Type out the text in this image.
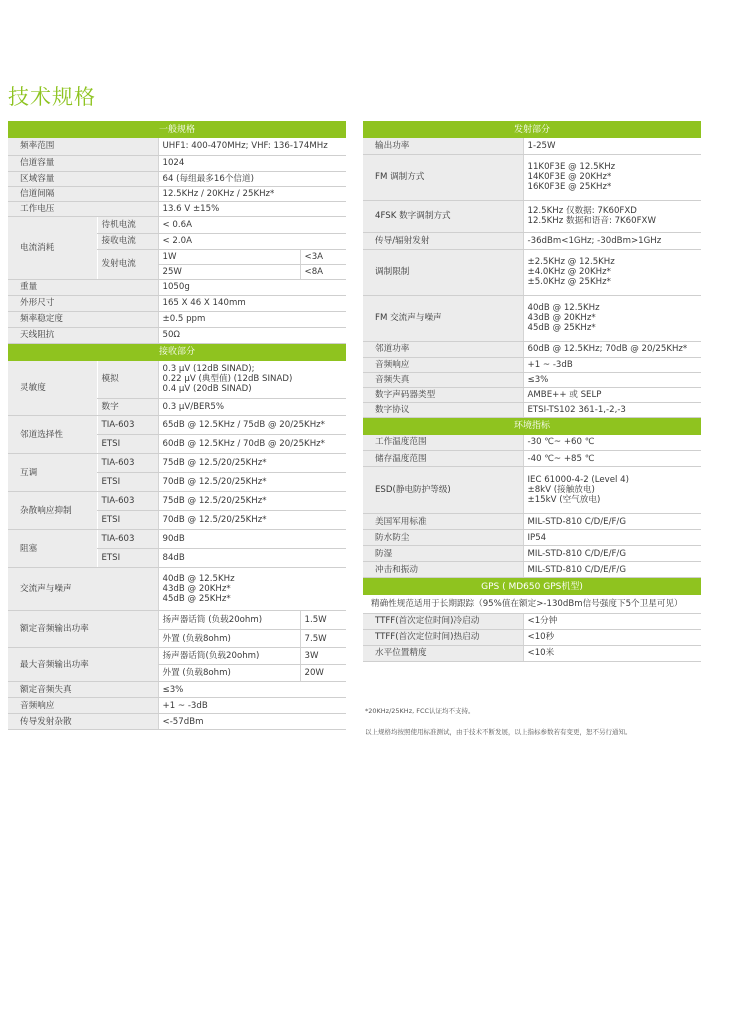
技术规格
一般规格			
频率范围		UHF1: 400-470MHz; VHF: 136-174MHz	
信道容量		1024	
区域容量		64 (每组最多16个信道)	
信道间隔		12.5KHz / 20KHz / 25KHz*	
工作电压		13.6 V ±15%	
电流消耗	待机电流	< 0.6A	
	接收电流	< 2.0A	
	发射电流	1W	<3A
		25W	<8A
重量		1050g	
外形尺寸		165 X 46 X 140mm	
频率稳定度		±0.5 ppm	
天线阻抗		50Ω	
接收部分			
灵敏度	模拟	0.3 μV (12dB SINAD);
0.22 μV (典型值) (12dB SINAD)
0.4 μV (20dB SINAD)	

	数字	0.3 μV/BER5%	
邻道选择性	TIA-603	65dB @ 12.5KHz / 75dB @ 20/25KHz*	
	ETSI	60dB @ 12.5KHz / 70dB @ 20/25KHz*	
互调	TIA-603	75dB @ 12.5/20/25KHz*	
	ETSI	70dB @ 12.5/20/25KHz*	
杂散响应抑制	TIA-603	75dB @ 12.5/20/25KHz*	
	ETSI	70dB @ 12.5/20/25KHz*	
阻塞	TIA-603	90dB	
	ETSI	84dB	
交流声与噪声		40dB @ 12.5KHz
43dB @ 20KHz*
45dB @ 25KHz*	

额定音频输出功率		扬声器话筒 (负载20ohm)	1.5W
		外置 (负载8ohm)	7.5W
最大音频输出功率		扬声器话筒(负载20ohm)	3W
		外置 (负载8ohm)	20W
额定音频失真		≤3%	
音频响应		+1 ~ -3dB	
传导发射杂散		<-57dBm	
发射部分	
输出功率	1-25W
FM 调制方式	11K0F3E @ 12.5KHz
14K0F3E @ 20KHz*
16K0F3E @ 25KHz*

4FSK 数字调制方式	12.5KHz 仅数据: 7K60FXD
12.5KHz 数据和语音: 7K60FXW

传导/辐射发射	-36dBm<1GHz; -30dBm>1GHz
调制限制	±2.5KHz @ 12.5KHz
±4.0KHz @ 20KHz*
±5.0KHz @ 25KHz*

FM 交流声与噪声	40dB @ 12.5KHz
43dB @ 20KHz*
45dB @ 25KHz*

邻道功率	60dB @ 12.5KHz; 70dB @ 20/25KHz*
音频响应	+1 ~ -3dB
音频失真	≤3%
数字声码器类型	AMBE++ 或 SELP
数字协议	ETSI-TS102 361-1,-2,-3
环境指标	
工作温度范围	-30 ℃~ +60 ℃
储存温度范围	-40 ℃~ +85 ℃
ESD(静电防护等级)	IEC 61000-4-2 (Level 4)
±8kV (接触放电)
±15kV (空气放电)

美国军用标准	MIL-STD-810 C/D/E/F/G
防水防尘	IP54
防湿	MIL-STD-810 C/D/E/F/G
冲击和振动	MIL-STD-810 C/D/E/F/G
GPS ( MD650 GPS机型)	
精确性规范适用于长期跟踪（95%值在额定>-130dBm信号强度下5个卫星可见）	
TTFF(首次定位时间)冷启动	<1分钟
TTFF(首次定位时间)热启动	<10秒
水平位置精度	<10米
*20KHz/25KHz, FCC认证均不支持。
以上规格均按照使用标准测试，由于技术不断发展，以上指标参数若有变更，恕不另行通知。
